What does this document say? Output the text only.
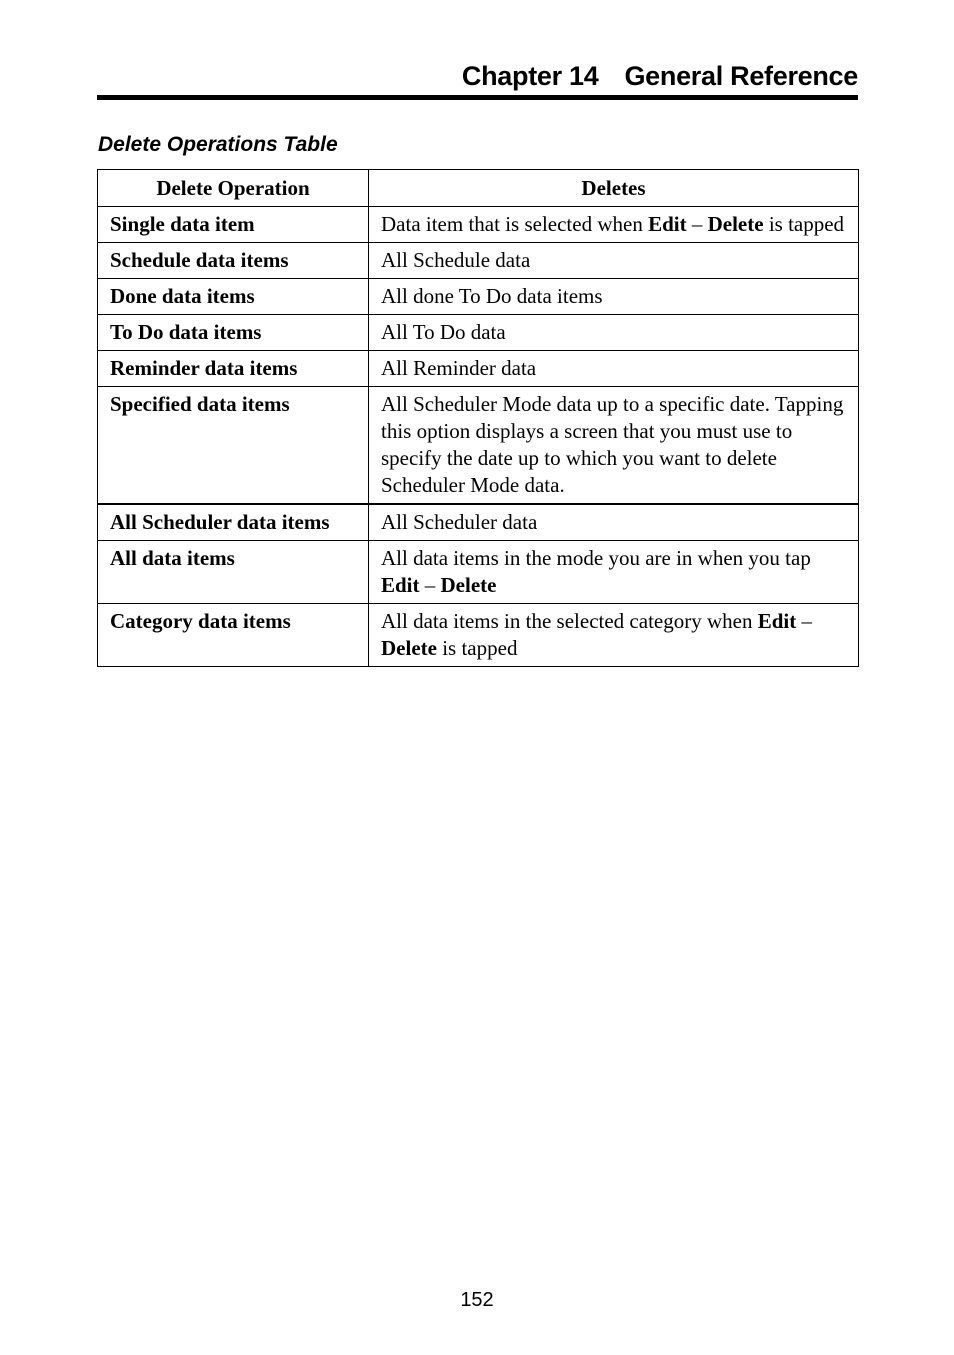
Chapter 14 General Reference
Delete Operations Table
Delete Operation	Deletes
Single data item	Data item that is selected when Edit – Delete is tapped
Schedule data items	All Schedule data
Done data items	All done To Do data items
To Do data items	All To Do data
Reminder data items	All Reminder data
Specified data items	All Scheduler Mode data up to a specific date. Tapping this option displays a screen that you must use to specify the date up to which you want to delete Scheduler Mode data.
All Scheduler data items	All Scheduler data
All data items	All data items in the mode you are in when you tap Edit – Delete
Category data items	All data items in the selected category when Edit – Delete is tapped
152
